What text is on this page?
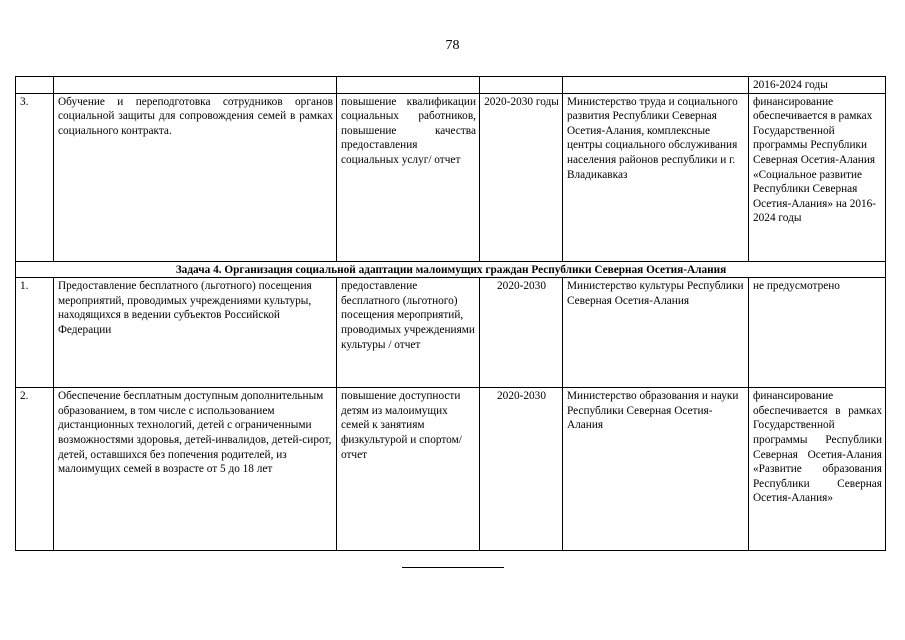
78
					2016-2024 годы
3.	Обучение и переподготовка сотрудников органов социальной защиты для сопровождения семей в рамках социального контракта.	повышение квалификации социальных работников, повышение качества предоставления социальных услуг/ отчет	2020-2030 годы	Министерство труда и социального развития Республики Северная Осетия-Алания, комплексные центры социального обслуживания населения районов республики и г. Владикавказ	финансирование обеспечивается в рамках Государственной программы Республики Северная Осетия-Алания «Социальное развитие Республики Северная Осетия-Алания» на 2016-2024 годы
Задача 4. Организация социальной адаптации малоимущих граждан Республики Северная Осетия-Алания					
1.	Предоставление бесплатного (льготного) посещения мероприятий, проводимых учреждениями культуры, находящихся в ведении субъектов Российской Федерации	предоставление бесплатного (льготного) посещения мероприятий, проводимых учреждениями культуры / отчет	2020-2030	Министерство культуры Республики Северная Осетия-Алания	не предусмотрено
2.	Обеспечение бесплатным доступным дополнительным образованием, в том числе с использованием дистанционных технологий, детей с ограниченными возможностями здоровья, детей-инвалидов, детей-сирот, детей, оставшихся без попечения родителей, из малоимущих семей в возрасте от 5 до 18 лет	повышение доступности детям из малоимущих семей к занятиям физкультурой и спортом/ отчет	2020-2030	Министерство образования и науки Республики Северная Осетия-Алания	финансирование обеспечивается в рамках Государственной программы Республики Северная Осетия-Алания «Развитие образования Республики Северная Осетия-Алания»
